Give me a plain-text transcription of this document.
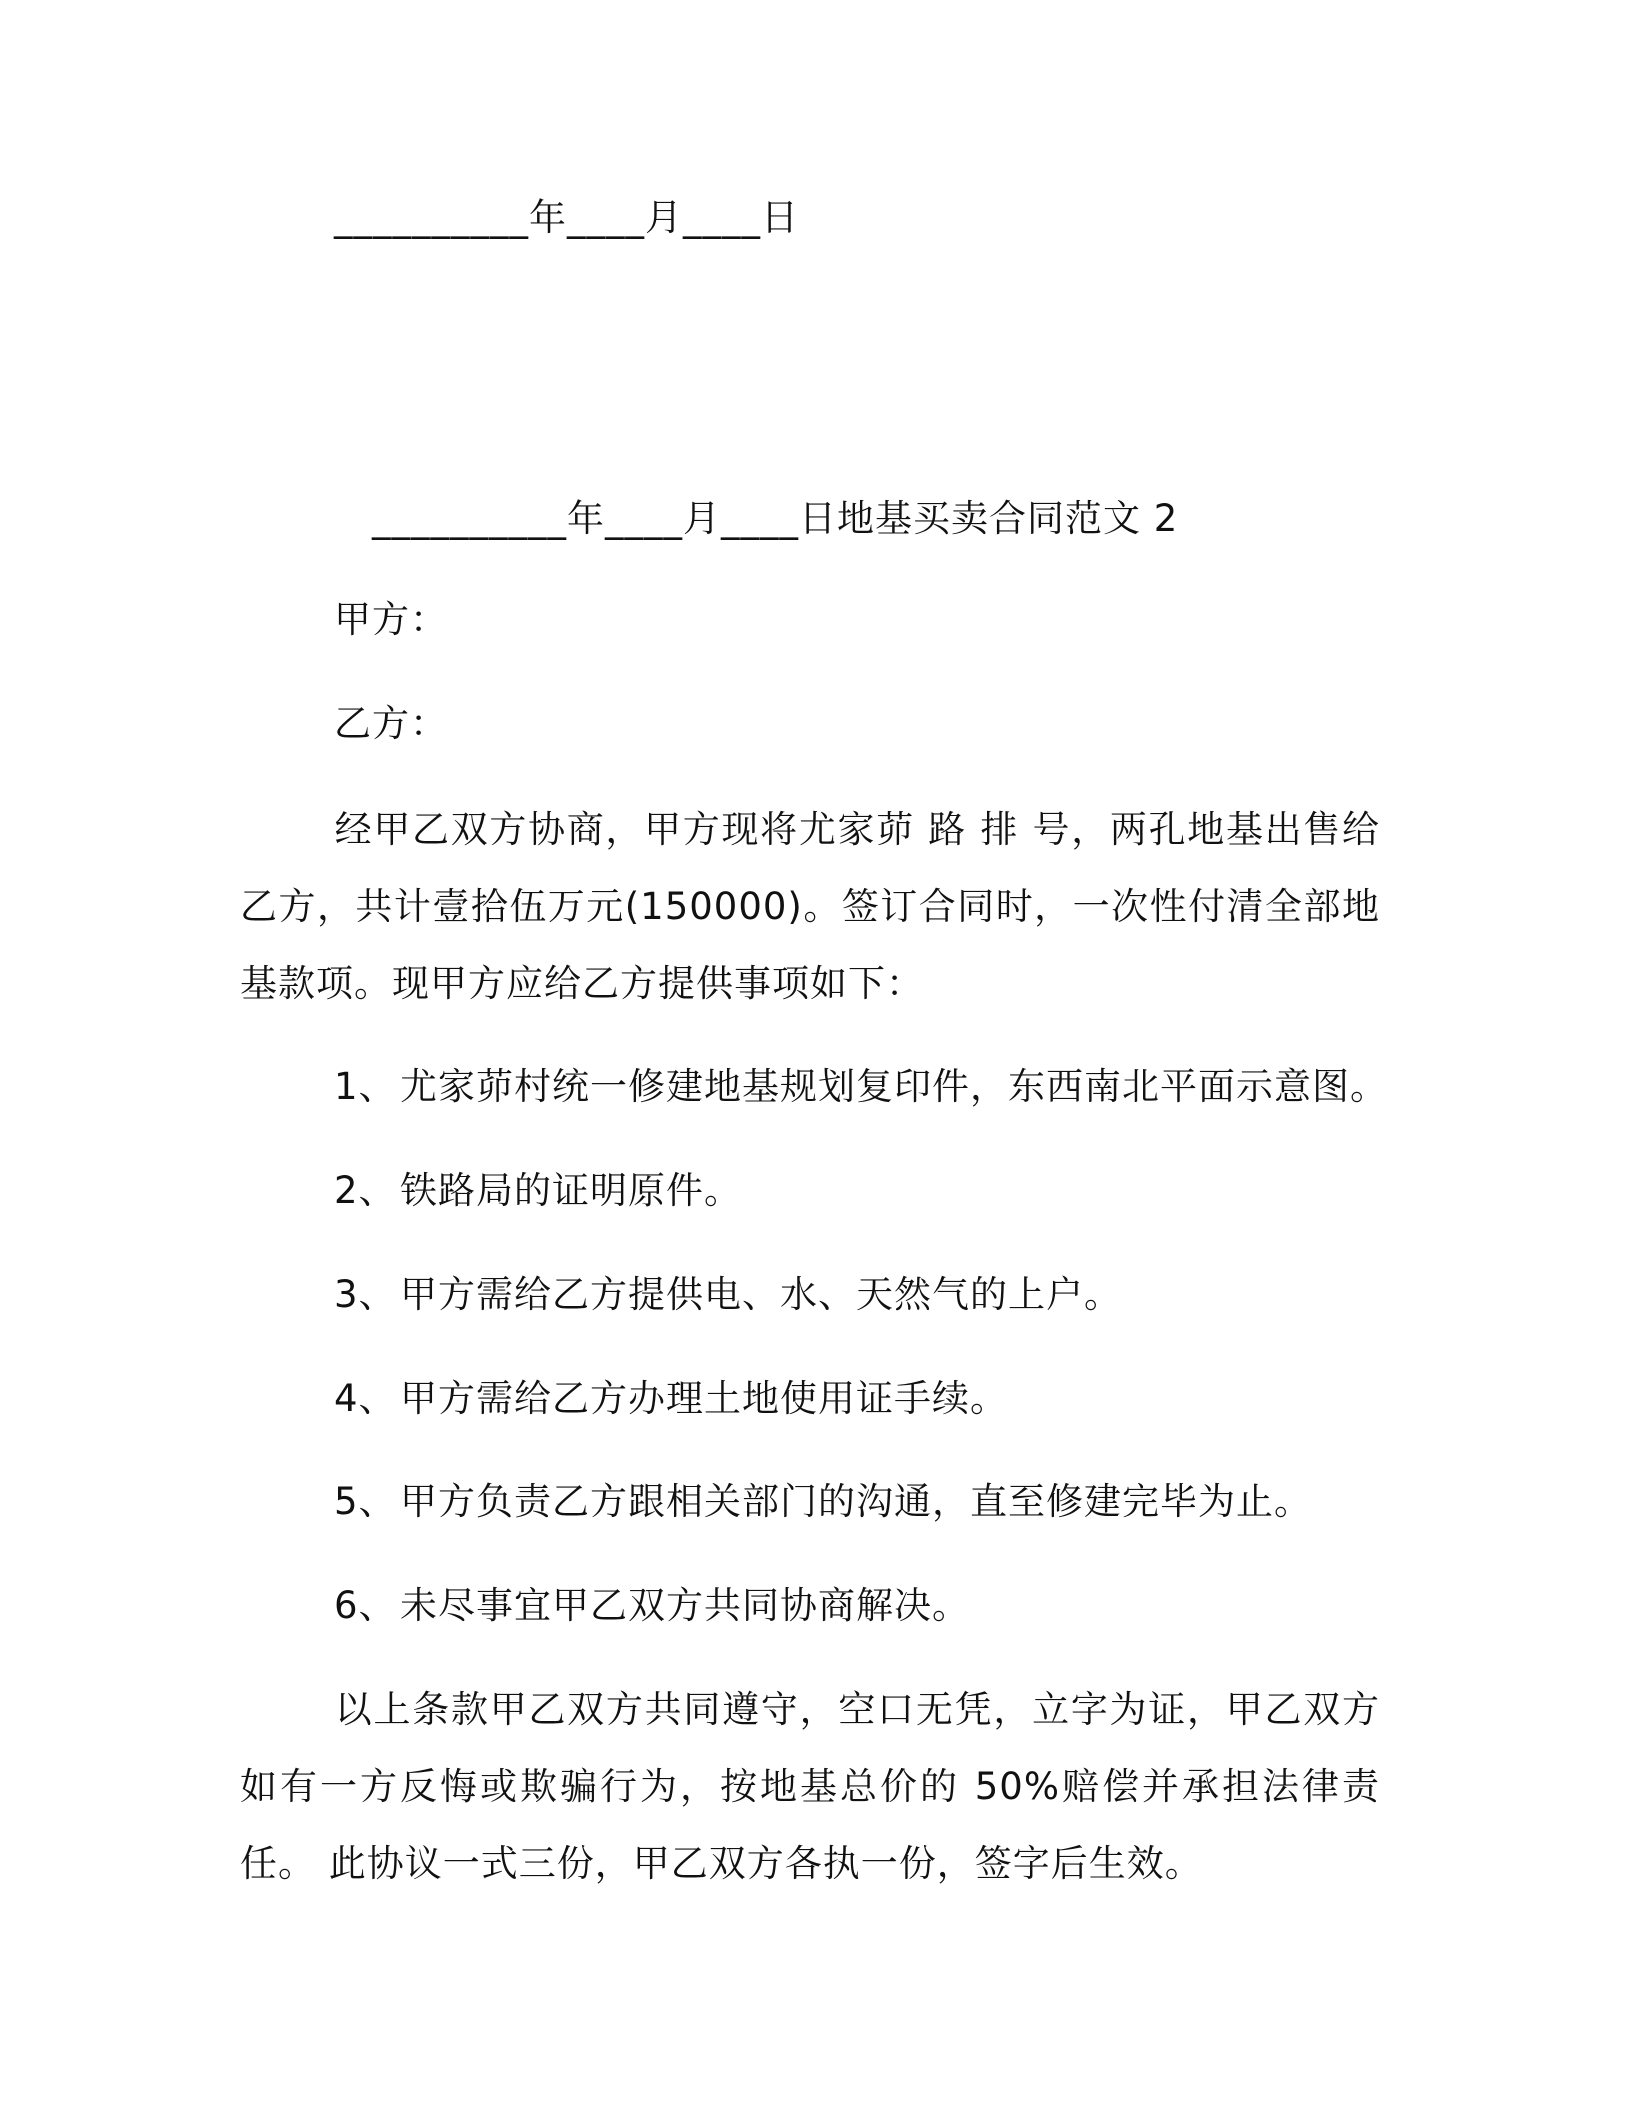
__________年____月____日
__________年____月____日地基买卖合同范文 2
甲方：
乙方：
经甲乙双方协商，甲方现将尤家茆 路 排 号，两孔地基出售给乙方，共计壹拾伍万元(150000)。签订合同时，一次性付清全部地基款项。现甲方应给乙方提供事项如下：
1、尤家茆村统一修建地基规划复印件，东西南北平面示意图。
2、铁路局的证明原件。
3、甲方需给乙方提供电、水、天然气的上户。
4、甲方需给乙方办理土地使用证手续。
5、甲方负责乙方跟相关部门的沟通，直至修建完毕为止。
6、未尽事宜甲乙双方共同协商解决。
以上条款甲乙双方共同遵守，空口无凭，立字为证，甲乙双方如有一方反悔或欺骗行为，按地基总价的 50%赔偿并承担法律责任。 此协议一式三份，甲乙双方各执一份，签字后生效。
